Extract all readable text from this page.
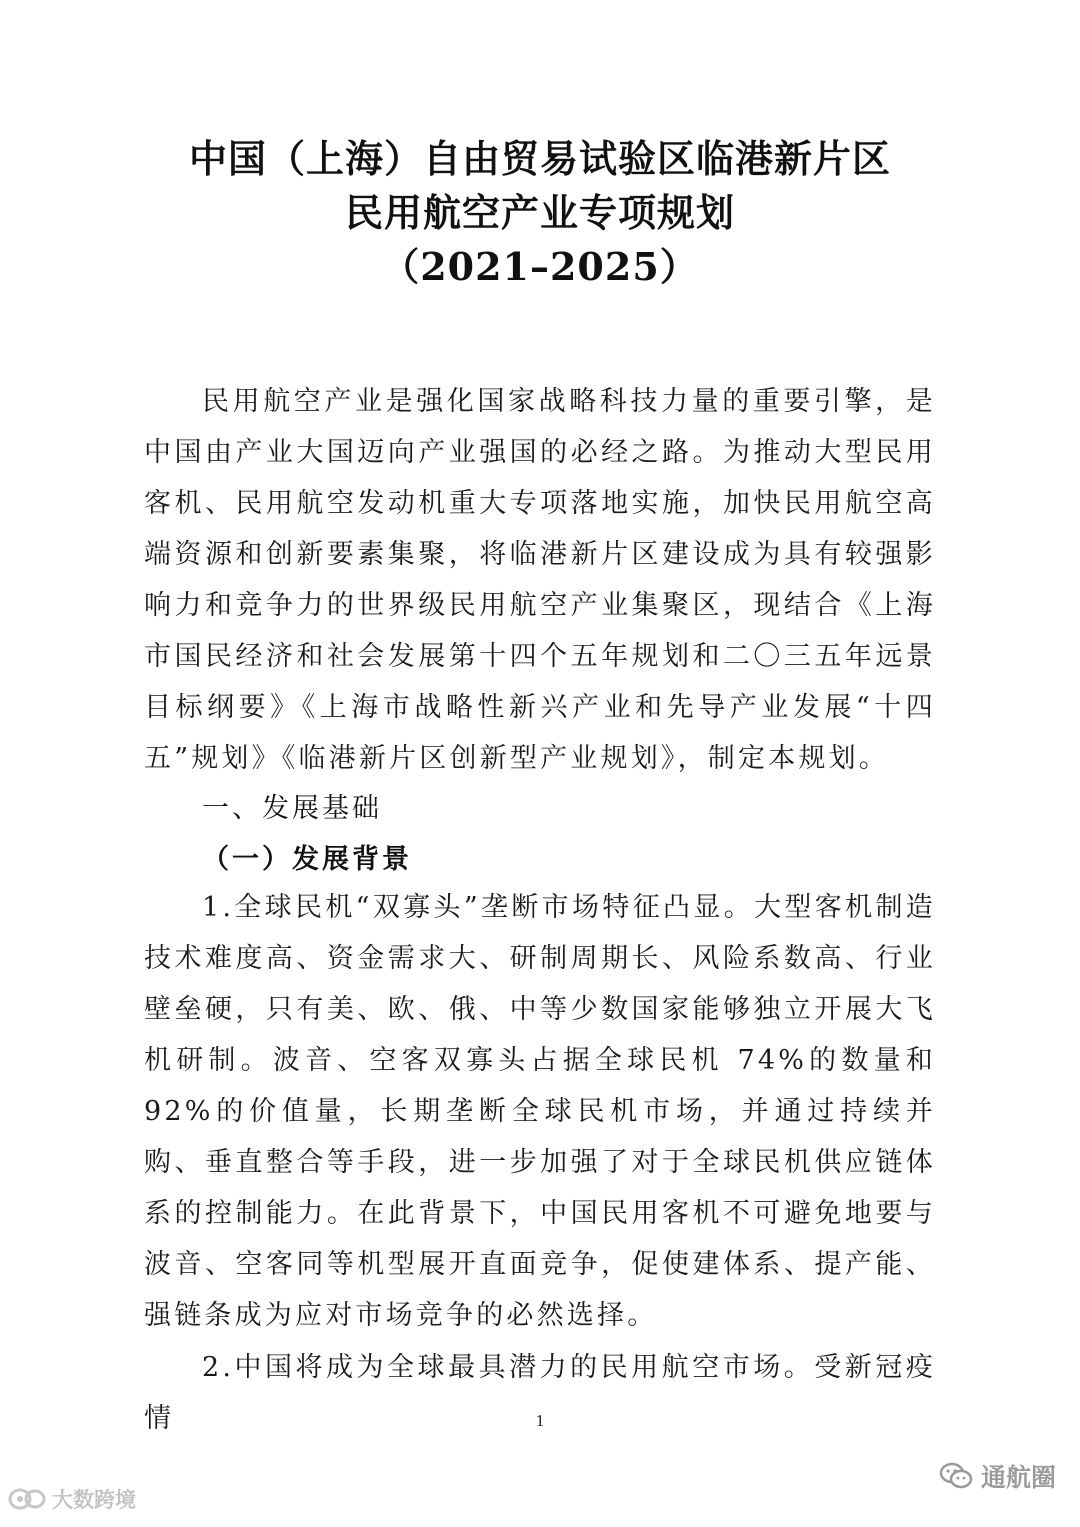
中国（上海）自由贸易试验区临港新片区
民用航空产业专项规划
（2021–2025）
民用航空产业是强化国家战略科技力量的重要引擎，是中国由产业大国迈向产业强国的必经之路。为推动大型民用客机、民用航空发动机重大专项落地实施，加快民用航空高端资源和创新要素集聚，将临港新片区建设成为具有较强影响力和竞争力的世界级民用航空产业集聚区，现结合《上海市国民经济和社会发展第十四个五年规划和二〇三五年远景目标纲要》《上海市战略性新兴产业和先导产业发展“十四五”规划》《临港新片区创新型产业规划》，制定本规划。
一、发展基础
（一）发展背景
1.全球民机“双寡头”垄断市场特征凸显。大型客机制造技术难度高、资金需求大、研制周期长、风险系数高、行业壁垒硬，只有美、欧、俄、中等少数国家能够独立开展大飞机研制。波音、空客双寡头占据全球民机 74%的数量和 92%的价值量，长期垄断全球民机市场，并通过持续并购、垂直整合等手段，进一步加强了对于全球民机供应链体系的控制能力。在此背景下，中国民用客机不可避免地要与波音、空客同等机型展开直面竞争，促使建体系、提产能、强链条成为应对市场竞争的必然选择。
2.中国将成为全球最具潜力的民用航空市场。受新冠疫情	1
大数跨境
通航圈
